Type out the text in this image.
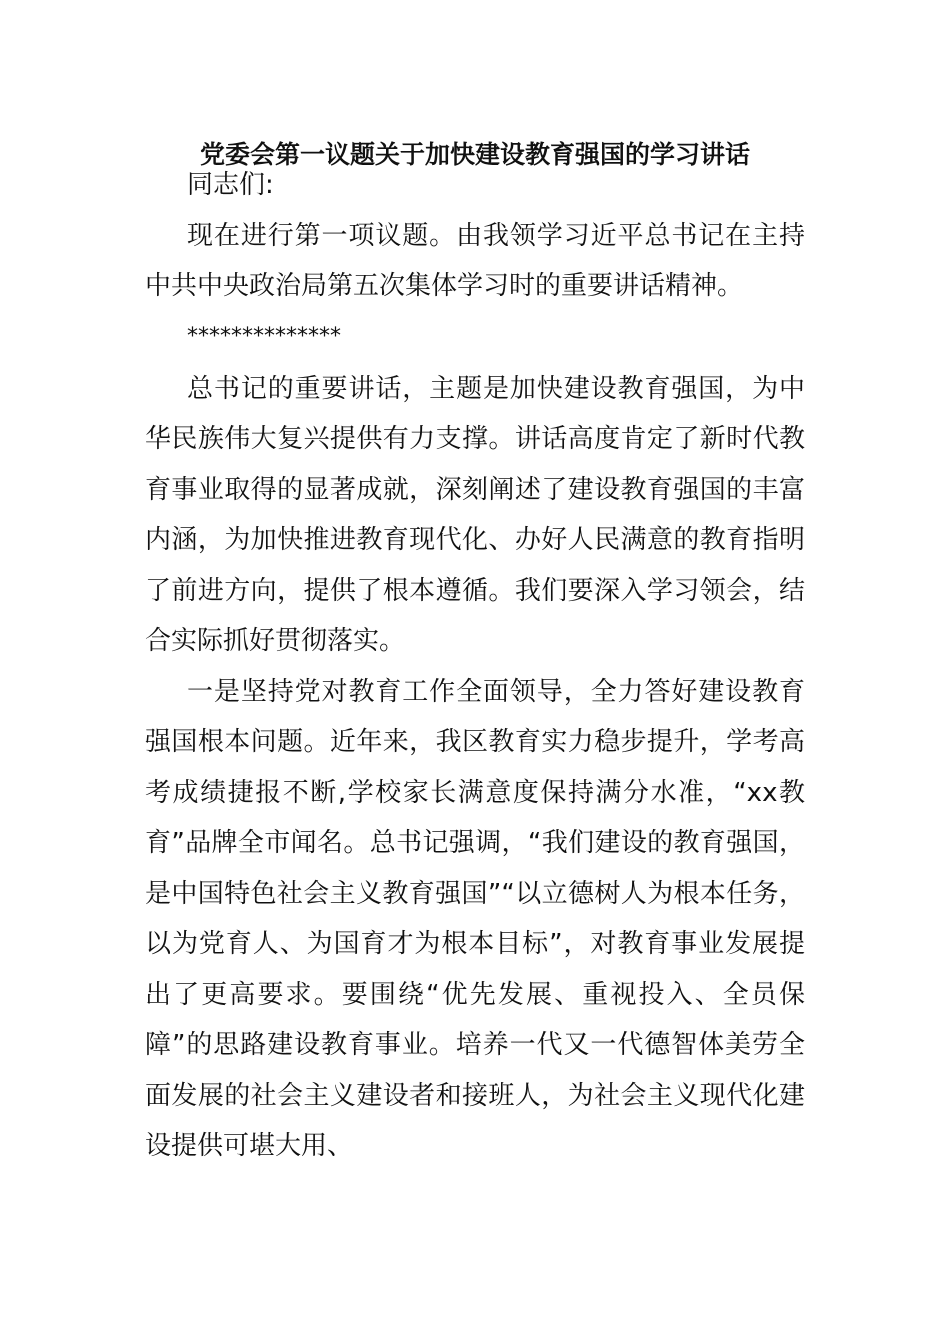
党委会第一议题关于加快建设教育强国的学习讲话

同志们:

现在进行第一项议题。由我领学习近平总书记在主持中共中央政治局第五次集体学习时的重要讲话精神。

**************

总书记的重要讲话，主题是加快建设教育强国，为中华民族伟大复兴提供有力支撑。讲话高度肯定了新时代教育事业取得的显著成就，深刻阐述了建设教育强国的丰富内涵，为加快推进教育现代化、办好人民满意的教育指明了前进方向，提供了根本遵循。我们要深入学习领会，结合实际抓好贯彻落实。

一是坚持党对教育工作全面领导，全力答好建设教育强国根本问题。近年来，我区教育实力稳步提升，学考高考成绩捷报不断,学校家长满意度保持满分水准，“xx教育”品牌全市闻名。总书记强调，“我们建设的教育强国，是中国特色社会主义教育强国”“以立德树人为根本任务，以为党育人、为国育才为根本目标”，对教育事业发展提出了更高要求。要围绕“优先发展、重视投入、全员保障”的思路建设教育事业。培养一代又一代德智体美劳全面发展的社会主义建设者和接班人，为社会主义现代化建设提供可堪大用、
